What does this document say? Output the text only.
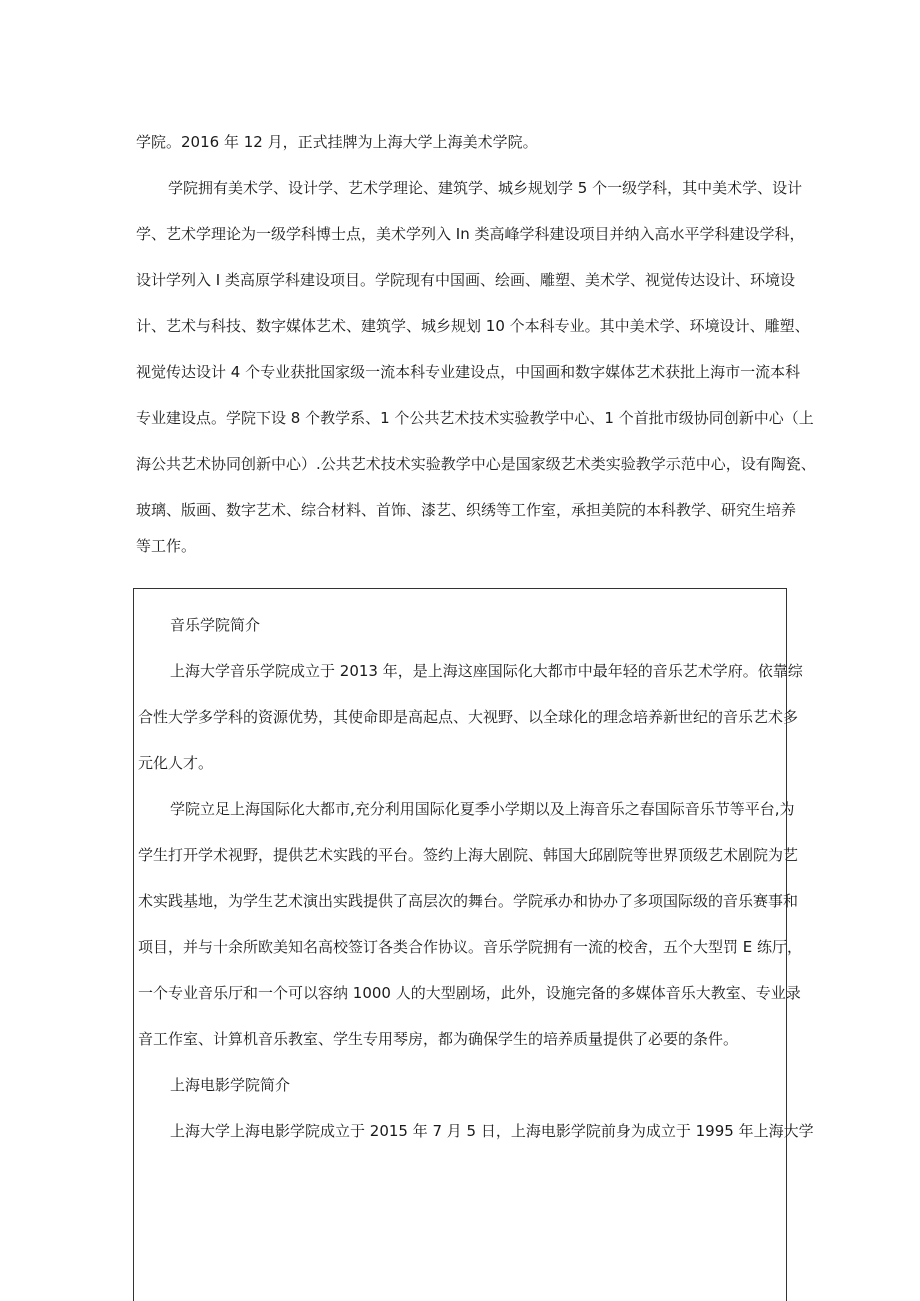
学院。2016 年 12 月，正式挂牌为上海大学上海美术学院。
学院拥有美术学、设计学、艺术学理论、建筑学、城乡规划学 5 个一级学科，其中美术学、设计
学、艺术学理论为一级学科博士点，美术学列入 In 类高峰学科建设项目并纳入高水平学科建设学科，
设计学列入 I 类高原学科建设项目。学院现有中国画、绘画、雕塑、美术学、视觉传达设计、环境设
计、艺术与科技、数字媒体艺术、建筑学、城乡规划 10 个本科专业。其中美术学、环境设计、雕塑、
视觉传达设计 4 个专业获批国家级一流本科专业建设点，中国画和数字媒体艺术获批上海市一流本科
专业建设点。学院下设 8 个教学系、1 个公共艺术技术实验教学中心、1 个首批市级协同创新中心（上
海公共艺术协同创新中心）.公共艺术技术实验教学中心是国家级艺术类实验教学示范中心，设有陶瓷、
玻璃、版画、数字艺术、综合材料、首饰、漆艺、织绣等工作室，承担美院的本科教学、研究生培养
等工作。
音乐学院简介
上海大学音乐学院成立于 2013 年，是上海这座国际化大都市中最年轻的音乐艺术学府。依靠综
合性大学多学科的资源优势，其使命即是高起点、大视野、以全球化的理念培养新世纪的音乐艺术多
元化人才。
学院立足上海国际化大都市,充分利用国际化夏季小学期以及上海音乐之春国际音乐节等平台,为
学生打开学术视野，提供艺术实践的平台。签约上海大剧院、韩国大邱剧院等世界顶级艺术剧院为艺
术实践基地，为学生艺术演出实践提供了高层次的舞台。学院承办和协办了多项国际级的音乐赛事和
项目，并与十余所欧美知名高校签订各类合作协议。音乐学院拥有一流的校舍，五个大型罚 E 练厅，
一个专业音乐厅和一个可以容纳 1000 人的大型剧场，此外，设施完备的多媒体音乐大教室、专业录
音工作室、计算机音乐教室、学生专用琴房，都为确保学生的培养质量提供了必要的条件。
上海电影学院简介
上海大学上海电影学院成立于 2015 年 7 月 5 日，上海电影学院前身为成立于 1995 年上海大学
